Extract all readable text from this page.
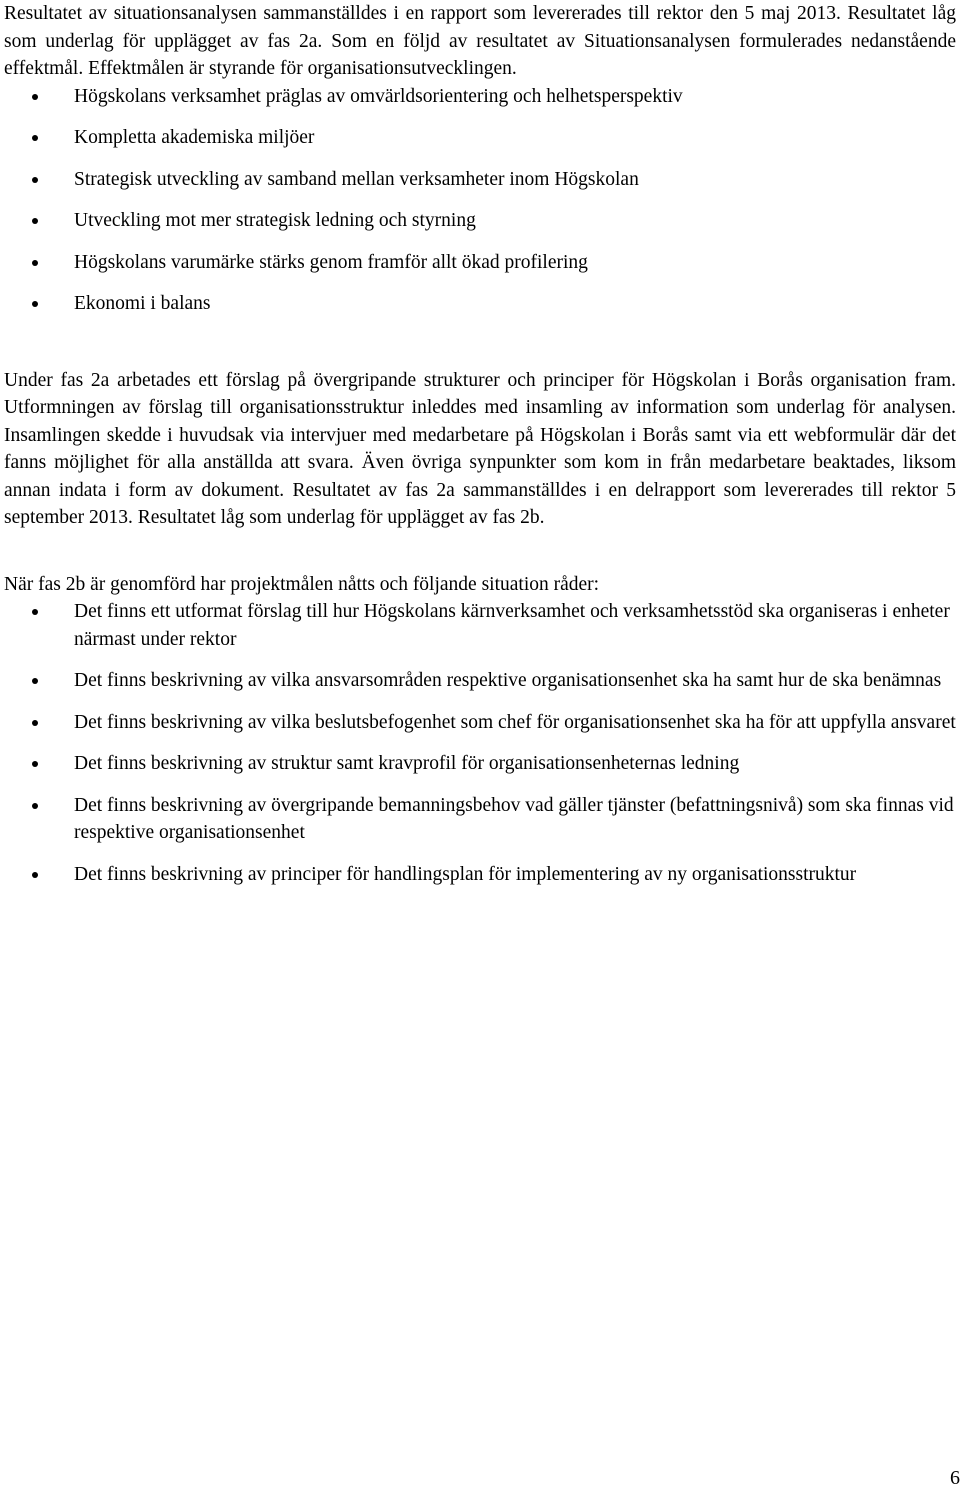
Resultatet av situationsanalysen sammanställdes i en rapport som levererades till rektor den 5 maj 2013. Resultatet låg som underlag för upplägget av fas 2a. Som en följd av resultatet av Situationsanalysen formulerades nedanstående effektmål. Effektmålen är styrande för organisationsutvecklingen.

Högskolans verksamhet präglas av omvärldsorientering och helhetsperspektiv
Kompletta akademiska miljöer
Strategisk utveckling av samband mellan verksamheter inom Högskolan
Utveckling mot mer strategisk ledning och styrning
Högskolans varumärke stärks genom framför allt ökad profilering
Ekonomi i balans

Under fas 2a arbetades ett förslag på övergripande strukturer och principer för Högskolan i Borås organisation fram. Utformningen av förslag till organisationsstruktur inleddes med insamling av information som underlag för analysen. Insamlingen skedde i huvudsak via intervjuer med medarbetare på Högskolan i Borås samt via ett webformulär där det fanns möjlighet för alla anställda att svara. Även övriga synpunkter som kom in från medarbetare beaktades, liksom annan indata i form av dokument. Resultatet av fas 2a sammanställdes i en delrapport som levererades till rektor 5 september 2013. Resultatet låg som underlag för upplägget av fas 2b.

När fas 2b är genomförd har projektmålen nåtts och följande situation råder:

Det finns ett utformat förslag till hur Högskolans kärnverksamhet och verksamhetsstöd ska organiseras i enheter närmast under rektor
Det finns beskrivning av vilka ansvarsområden respektive organisationsenhet ska ha samt hur de ska benämnas
Det finns beskrivning av vilka beslutsbefogenhet som chef för organisationsenhet ska ha för att uppfylla ansvaret
Det finns beskrivning av struktur samt kravprofil för organisationsenheternas ledning
Det finns beskrivning av övergripande bemanningsbehov vad gäller tjänster (befattningsnivå) som ska finnas vid respektive organisationsenhet
Det finns beskrivning av principer för handlingsplan för implementering av ny organisationsstruktur
6
